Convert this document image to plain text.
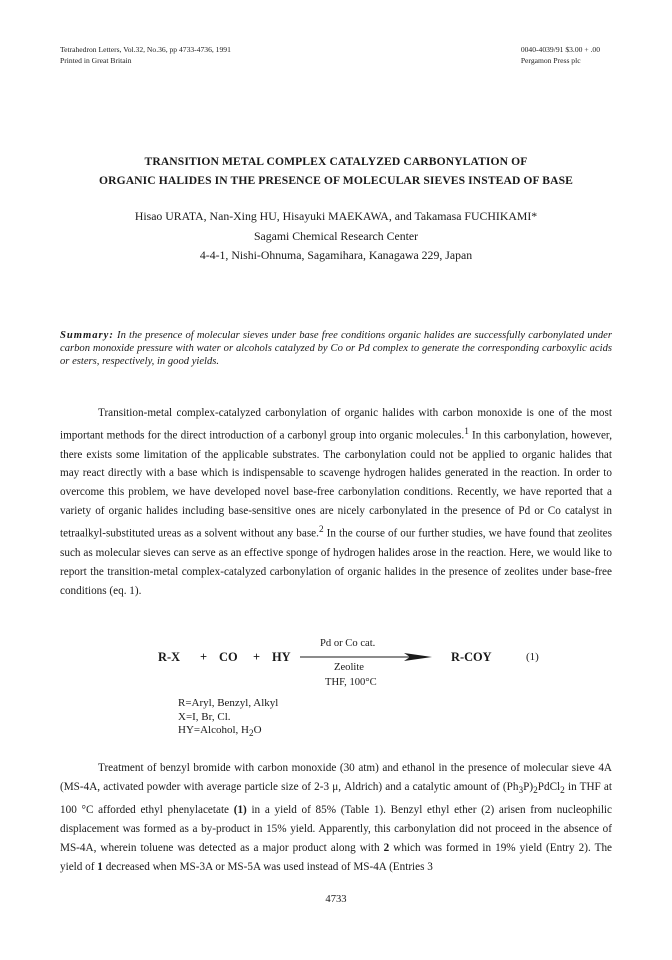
Tetrahedron Letters, Vol.32, No.36, pp 4733-4736, 1991
Printed in Great Britain
0040-4039/91 $3.00 + .00
Pergamon Press plc
TRANSITION METAL COMPLEX CATALYZED CARBONYLATION OF
ORGANIC HALIDES IN THE PRESENCE OF MOLECULAR SIEVES INSTEAD OF BASE
Hisao URATA, Nan-Xing HU, Hisayuki MAEKAWA, and Takamasa FUCHIKAMI*
Sagami Chemical Research Center
4-4-1, Nishi-Ohnuma, Sagamihara, Kanagawa 229, Japan
Summary: In the presence of molecular sieves under base free conditions organic halides are successfully carbonylated under carbon monoxide pressure with water or alcohols catalyzed by Co or Pd complex to generate the corresponding carboxylic acids or esters, respectively, in good yields.
Transition-metal complex-catalyzed carbonylation of organic halides with carbon monoxide is one of the most important methods for the direct introduction of a carbonyl group into organic molecules.$^1$ In this carbonylation, however, there exists some limitation of the applicable substrates. The carbonylation could not be applied to organic halides that may react directly with a base which is indispensable to scavenge hydrogen halides generated in the reaction. In order to overcome this problem, we have developed novel base-free carbonylation conditions. Recently, we have reported that a variety of organic halides including base-sensitive ones are nicely carbonylated in the presence of Pd or Co catalyst in tetraalkyl-substituted ureas as a solvent without any base.$^2$ In the course of our further studies, we have found that zeolites such as molecular sieves can serve as an effective sponge of hydrogen halides arose in the reaction. Here, we would like to report the transition-metal complex-catalyzed carbonylation of organic halides in the presence of zeolites under base-free conditions (eq. 1).
R-X + CO + HY
Pd or Co cat.
Zeolite
THF, 100°C
R-COY	(1)
R=Aryl, Benzyl, Alkyl
X=I, Br, Cl.
HY=Alcohol, $H_2O$
Treatment of benzyl bromide with carbon monoxide (30 atm) and ethanol in the presence of molecular sieve 4A (MS-4A, activated powder with average particle size of 2-3 μ, Aldrich) and a catalytic amount of $(Ph_3P)_2PdCl_2$ in THF at 100 °C afforded ethyl phenylacetate (1) in a yield of 85% (Table 1). Benzyl ethyl ether (2) arisen from nucleophilic displacement was formed as a by-product in 15% yield. Apparently, this carbonylation did not proceed in the absence of MS-4A, wherein toluene was detected as a major product along with 2 which was formed in 19% yield (Entry 2). The yield of 1 decreased when MS-3A or MS-5A was used instead of MS-4A (Entries 3
4733
